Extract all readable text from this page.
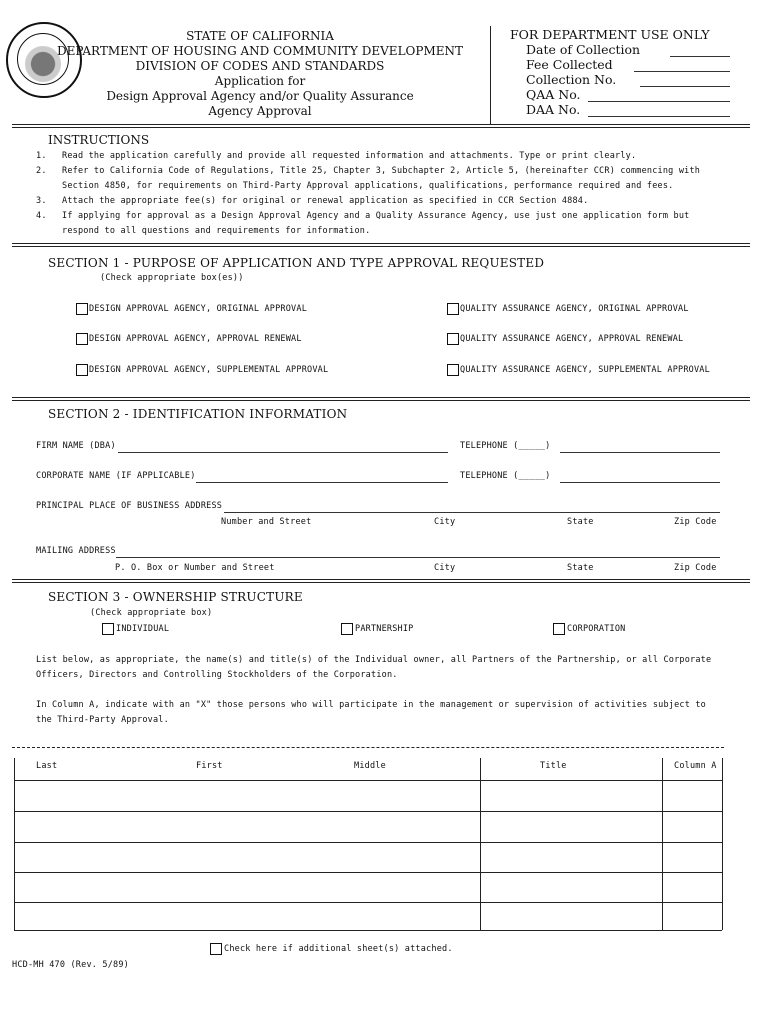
STATE OF CALIFORNIA
DEPARTMENT OF HOUSING AND COMMUNITY DEVELOPMENT
DIVISION OF CODES AND STANDARDS
Application for
Design Approval Agency and/or Quality Assurance
Agency Approval
FOR DEPARTMENT USE ONLY
Date of Collection
Fee Collected
Collection No.
QAA No.
DAA No.
INSTRUCTIONS
1. Read the application carefully and provide all requested information and attachments. Type or print clearly.
2. Refer to California Code of Regulations, Title 25, Chapter 3, Subchapter 2, Article 5, (hereinafter CCR) commencing with
Section 4850, for requirements on Third-Party Approval applications, qualifications, performance required and fees.
3. Attach the appropriate fee(s) for original or renewal application as specified in CCR Section 4884.
4. If applying for approval as a Design Approval Agency and a Quality Assurance Agency, use just one application form but
respond to all questions and requirements for information.
SECTION 1 - PURPOSE OF APPLICATION AND TYPE APPROVAL REQUESTED
(Check appropriate box(es))
DESIGN APPROVAL AGENCY, ORIGINAL APPROVAL
DESIGN APPROVAL AGENCY, APPROVAL RENEWAL
DESIGN APPROVAL AGENCY, SUPPLEMENTAL APPROVAL
QUALITY ASSURANCE AGENCY, ORIGINAL APPROVAL
QUALITY ASSURANCE AGENCY, APPROVAL RENEWAL
QUALITY ASSURANCE AGENCY, SUPPLEMENTAL APPROVAL
SECTION 2 - IDENTIFICATION INFORMATION
FIRM NAME (DBA)	TELEPHONE (_____)
CORPORATE NAME (IF APPLICABLE)	TELEPHONE (_____)
PRINCIPAL PLACE OF BUSINESS ADDRESS
Number and Street	City	State	Zip Code
MAILING ADDRESS
P. O. Box or Number and Street	City	State	Zip Code
SECTION 3 - OWNERSHIP STRUCTURE
(Check appropriate box)
INDIVIDUAL	PARTNERSHIP	CORPORATION
List below, as appropriate, the name(s) and title(s) of the Individual owner, all Partners of the Partnership, or all Corporate
Officers, Directors and Controlling Stockholders of the Corporation.
In Column A, indicate with an "X" those persons who will participate in the management or supervision of activities subject to
the Third-Party Approval.
Last	First	Middle	Title	Column A
Check here if additional sheet(s) attached.
HCD-MH 470 (Rev. 5/89)
